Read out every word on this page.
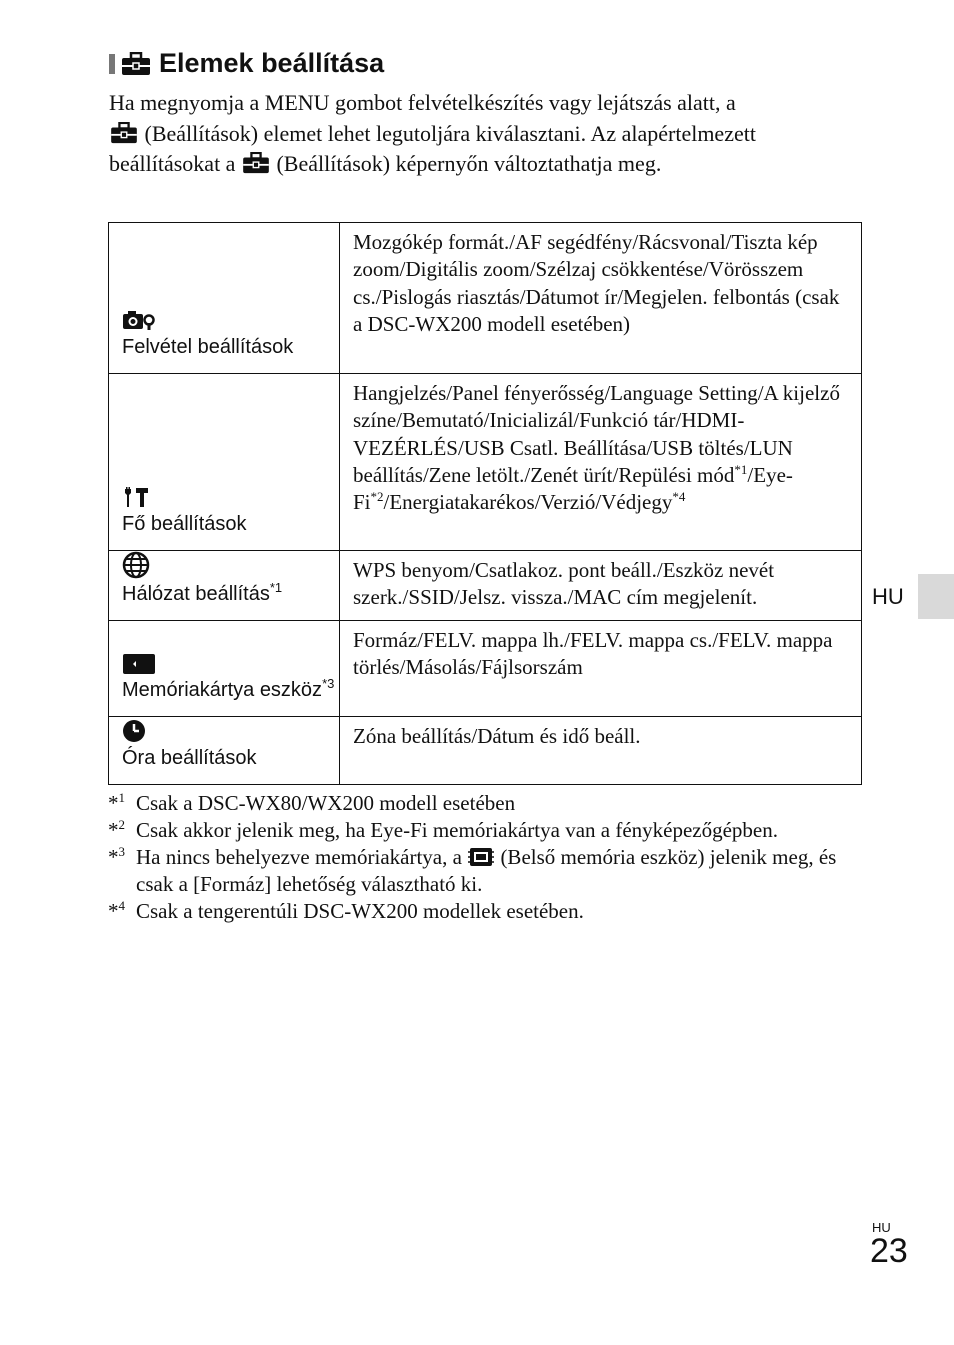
Elemek beállítása
Ha megnyomja a MENU gombot felvételkészítés vagy lejátszás alatt, a
(Beállítások) elemet lehet legutoljára kiválasztani. Az alapértelmezett beállításokat a (Beállítások) képernyőn változtathatja meg.
Felvétel beállítások	Mozgókép formát./AF segédfény/Rácsvonal/Tiszta kép zoom/Digitális zoom/Szélzaj csökkentése/Vörösszem cs./Pislogás riasztás/Dátumot ír/Megjelen. felbontás (csak a DSC-WX200 modell esetében)

Fő beállítások	Hangjelzés/Panel fényerősség/Language Setting/A kijelző színe/Bemutató/Inicializál/Funkció tár/HDMI-VEZÉRLÉS/USB Csatl. Beállítása/USB töltés/LUN beállítás/Zene letölt./Zenét ürít/Repülési mód$^{*1}$/Eye-Fi$^{*2}$/Energiatakarékos/Verzió/Védjegy$^{*4}$

Hálózat beállítás$^{*1}$	WPS benyom/Csatlakoz. pont beáll./Eszköz nevét szerk./SSID/Jelsz. vissza./MAC cím megjelenít.

Memóriakártya eszköz$^{*3}$	Formáz/FELV. mappa lh./FELV. mappa cs./FELV. mappa törlés/Másolás/Fájlsorszám

Óra beállítások	Zóna beállítás/Dátum és idő beáll.
*$^1$ Csak a DSC-WX80/WX200 modell esetében
*$^2$ Csak akkor jelenik meg, ha Eye-Fi memóriakártya van a fényképezőgépben.
*$^3$ Ha nincs behelyezve memóriakártya, a (Belső memória eszköz) jelenik meg, és csak a [Formáz] lehetőség választható ki.
*$^4$ Csak a tengerentúli DSC-WX200 modellek esetében.
HU
HU
23
